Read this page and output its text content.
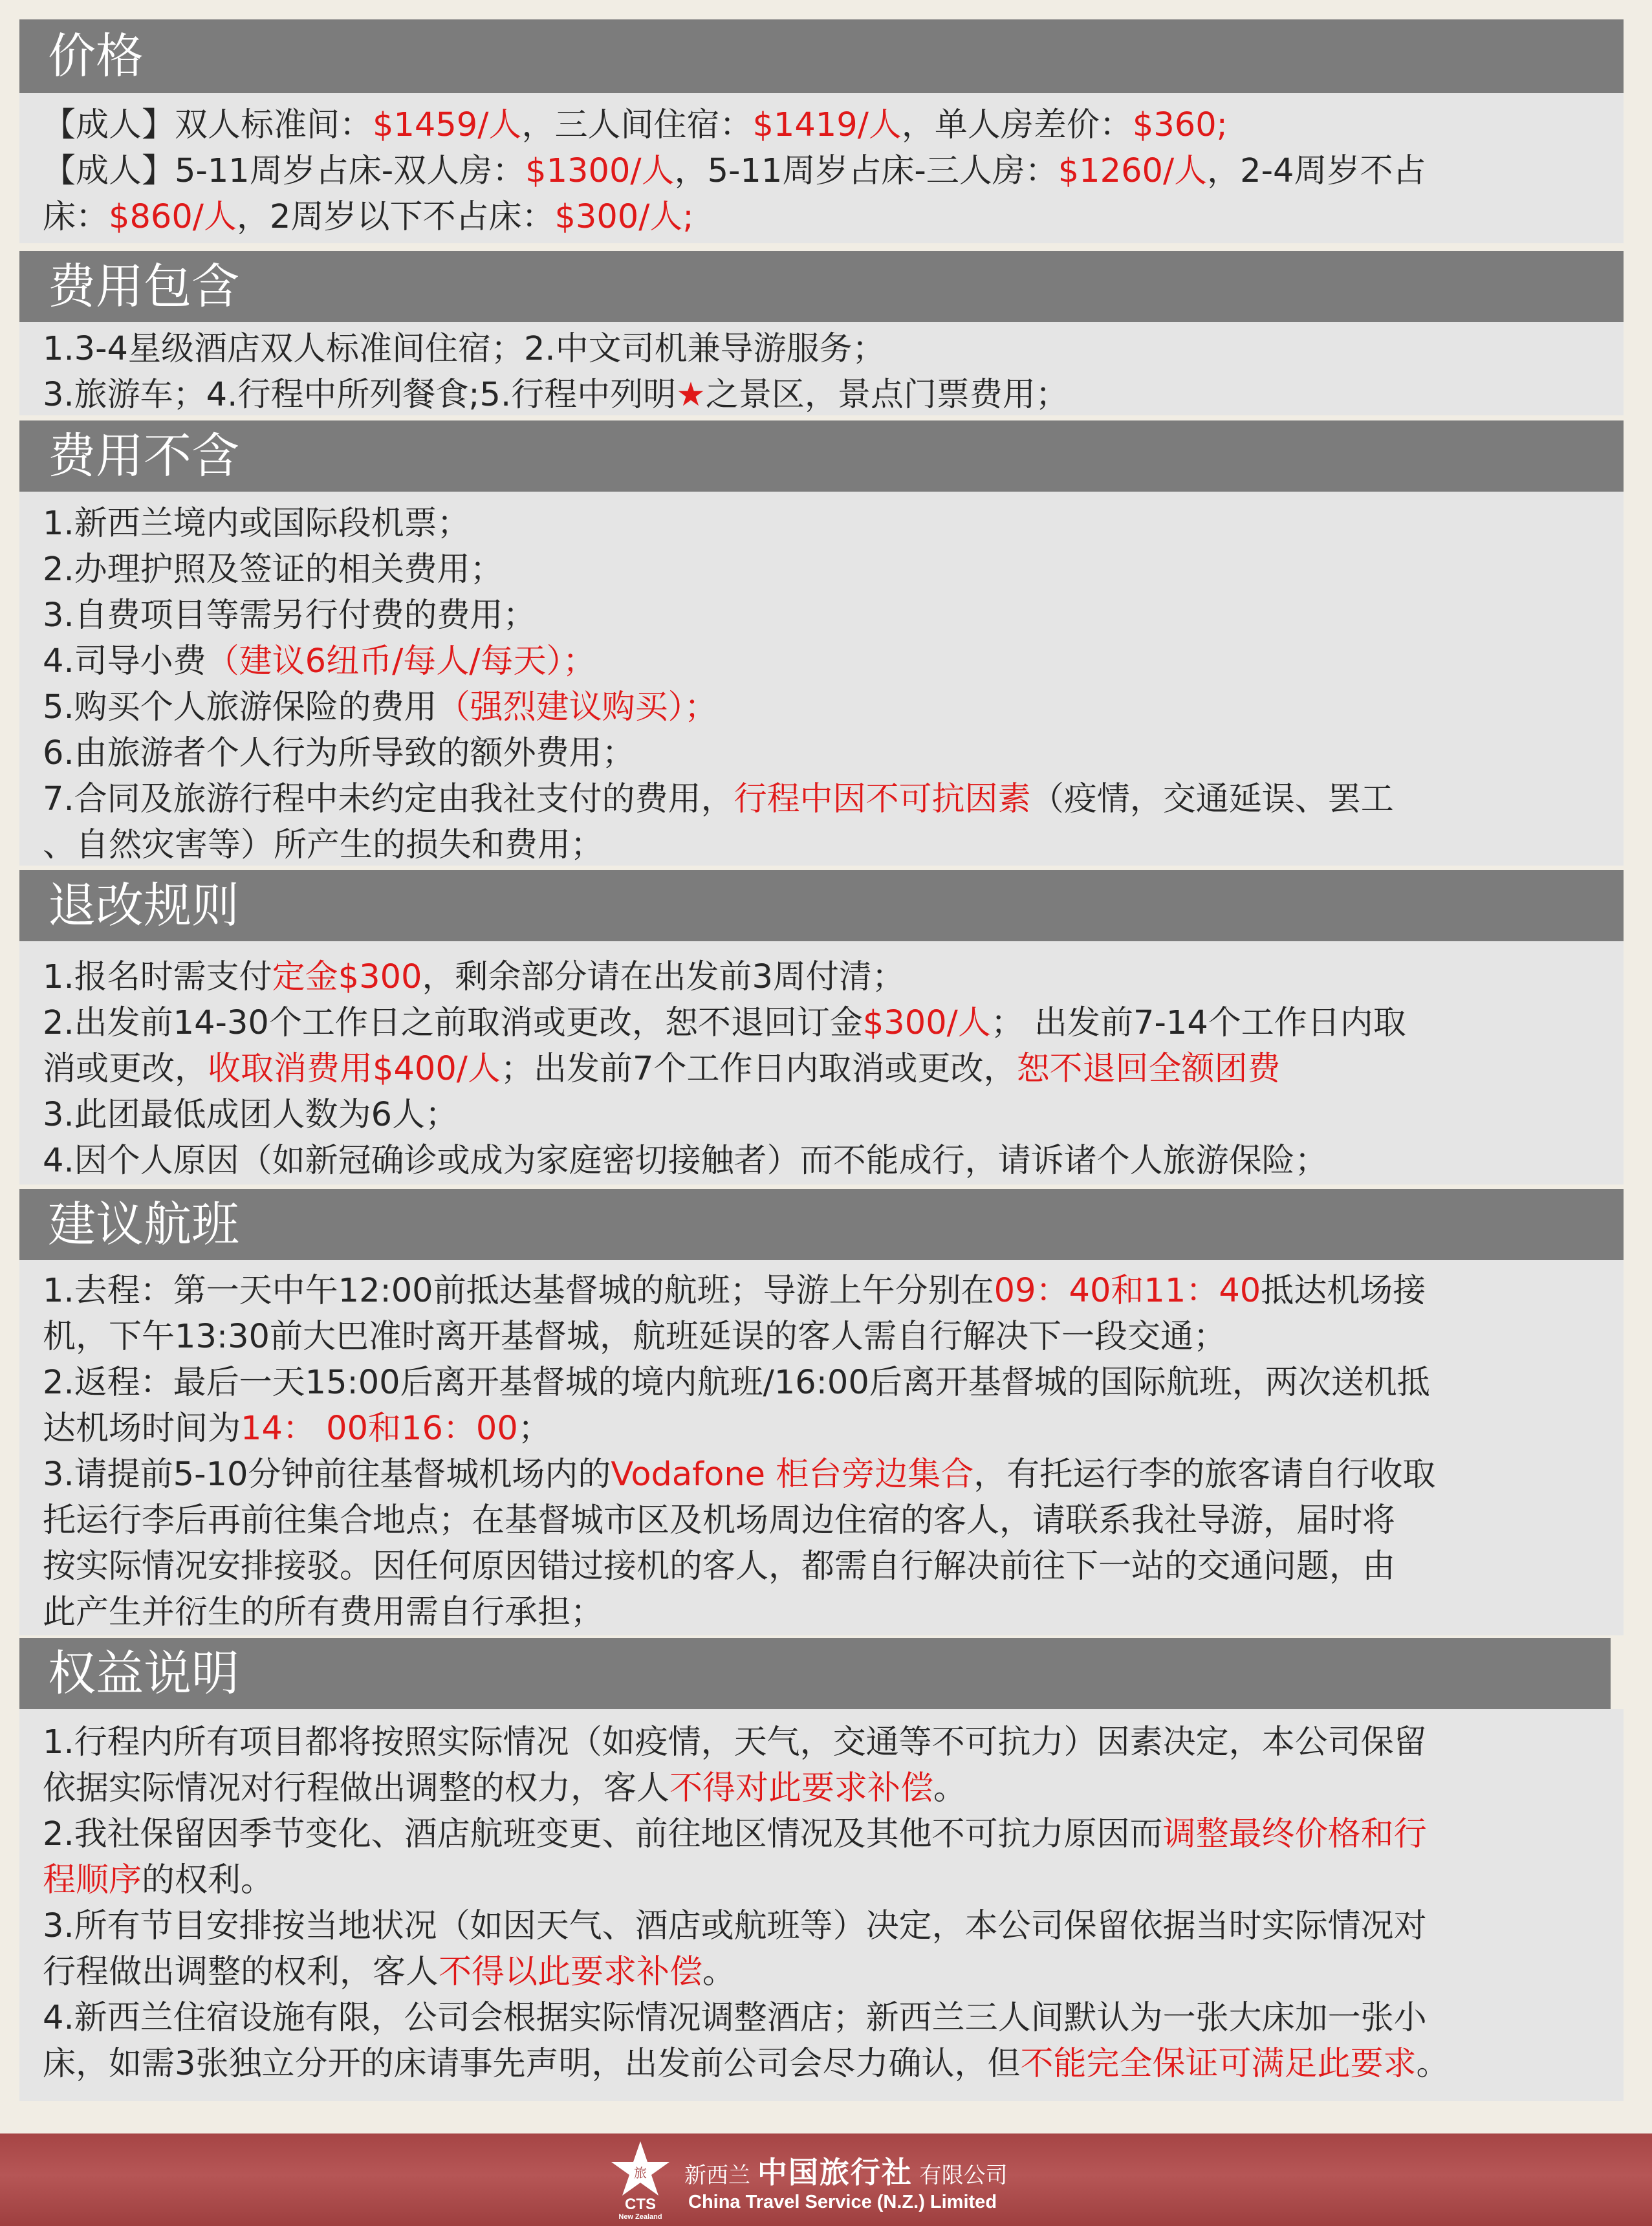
价格
【成人】双人标准间：$1459/人，三人间住宿：$1419/人，单人房差价：$360;
【成人】5-11周岁占床-双人房：$1300/人，5-11周岁占床-三人房：$1260/人，2-4周岁不占
床：$860/人，2周岁以下不占床：$300/人;
费用包含
1.3-4星级酒店双人标准间住宿；2.中文司机兼导游服务；
3.旅游车；4.行程中所列餐食;5.行程中列明★之景区，景点门票费用；
费用不含
1.新西兰境内或国际段机票；
2.办理护照及签证的相关费用；
3.自费项目等需另行付费的费用；
4.司导小费（建议6纽币/每人/每天）；
5.购买个人旅游保险的费用（强烈建议购买）；
6.由旅游者个人行为所导致的额外费用；
7.合同及旅游行程中未约定由我社支付的费用，行程中因不可抗因素（疫情，交通延误、罢工
、自然灾害等）所产生的损失和费用；
退改规则
1.报名时需支付定金$300，剩余部分请在出发前3周付清；
2.出发前14-30个工作日之前取消或更改，恕不退回订金$300/人； 出发前7-14个工作日内取
消或更改，收取消费用$400/人；出发前7个工作日内取消或更改，恕不退回全额团费
3.此团最低成团人数为6人；
4.因个人原因（如新冠确诊或成为家庭密切接触者）而不能成行，请诉诸个人旅游保险；
建议航班
1.去程：第一天中午12:00前抵达基督城的航班；导游上午分别在09：40和11：40抵达机场接
机，下午13:30前大巴准时离开基督城，航班延误的客人需自行解决下一段交通；
2.返程：最后一天15:00后离开基督城的境内航班/16:00后离开基督城的国际航班，两次送机抵
达机场时间为14： 00和16：00；
3.请提前5-10分钟前往基督城机场内的Vodafone 柜台旁边集合，有托运行李的旅客请自行收取
托运行李后再前往集合地点；在基督城市区及机场周边住宿的客人，请联系我社导游，届时将
按实际情况安排接驳。因任何原因错过接机的客人，都需自行解决前往下一站的交通问题，由
此产生并衍生的所有费用需自行承担；
权益说明
1.行程内所有项目都将按照实际情况（如疫情，天气，交通等不可抗力）因素决定，本公司保留
依据实际情况对行程做出调整的权力，客人不得对此要求补偿。
2.我社保留因季节变化、酒店航班变更、前往地区情况及其他不可抗力原因而调整最终价格和行
程顺序的权利。
3.所有节目安排按当地状况（如因天气、酒店或航班等）决定，本公司保留依据当时实际情况对
行程做出调整的权利，客人不得以此要求补偿。
4.新西兰住宿设施有限，公司会根据实际情况调整酒店；新西兰三人间默认为一张大床加一张小
床，如需3张独立分开的床请事先声明，出发前公司会尽力确认，但不能完全保证可满足此要求。
旅
CTS
New Zealand
新西兰 中国旅行社 有限公司
China Travel Service (N.Z.) Limited
